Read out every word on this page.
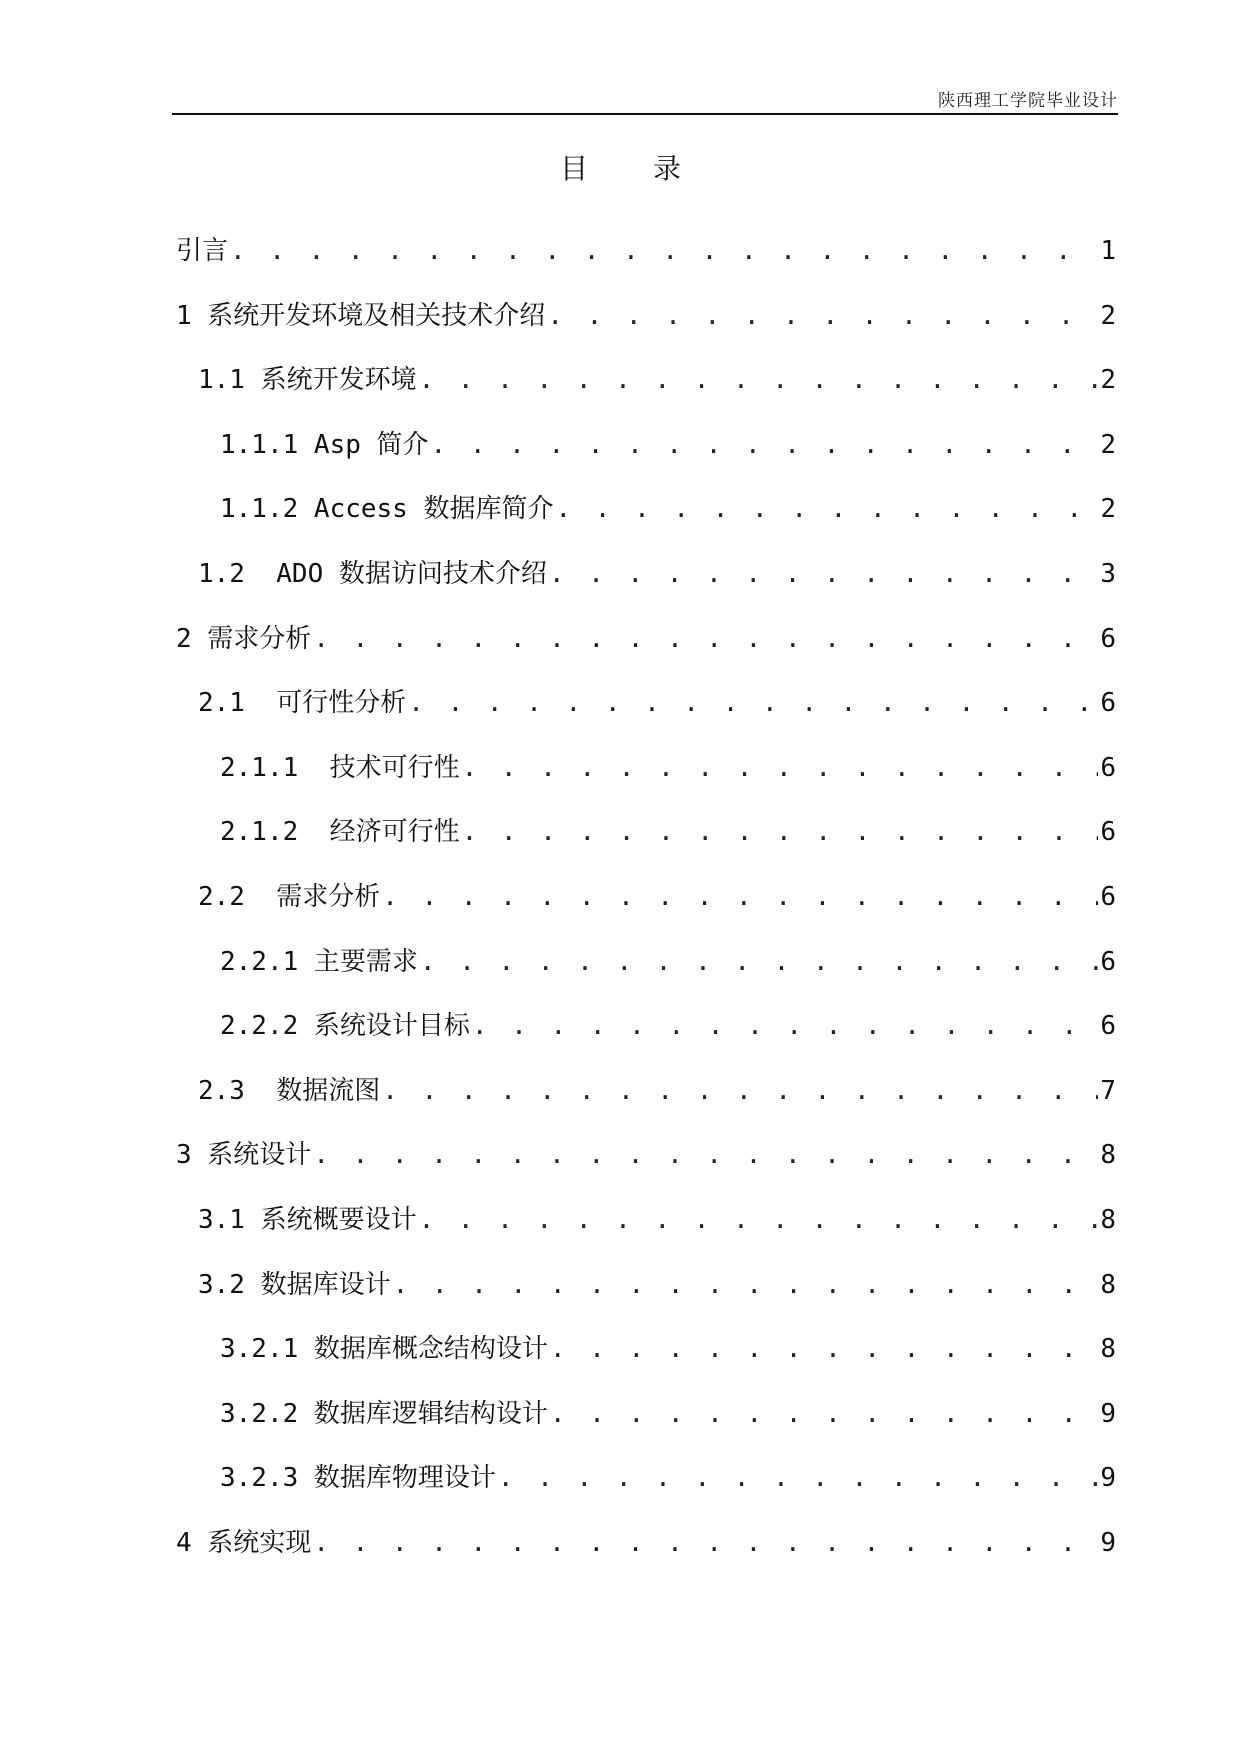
陕西理工学院毕业设计
目 录
引言 . . .	1
1 系统开发环境及相关技术介绍 . . .	2
1.1 系统开发环境 . . .	2
1.1.1 Asp 简介 . . .	2
1.1.2 Access 数据库简介 . . .	2
1.2  ADO 数据访问技术介绍 . . .	3
2 需求分析 . . .	6
2.1  可行性分析 . . .	6
2.1.1  技术可行性 . . .	6
2.1.2  经济可行性 . . .	6
2.2  需求分析 . . .	6
2.2.1 主要需求 . . .	6
2.2.2 系统设计目标 . . .	6
2.3  数据流图 . . .	7
3 系统设计 . . .	8
3.1 系统概要设计 . . .	8
3.2 数据库设计 . . .	8
3.2.1 数据库概念结构设计 . . .	8
3.2.2 数据库逻辑结构设计 . . .	9
3.2.3 数据库物理设计 . . .	9
4 系统实现 . . .	9
